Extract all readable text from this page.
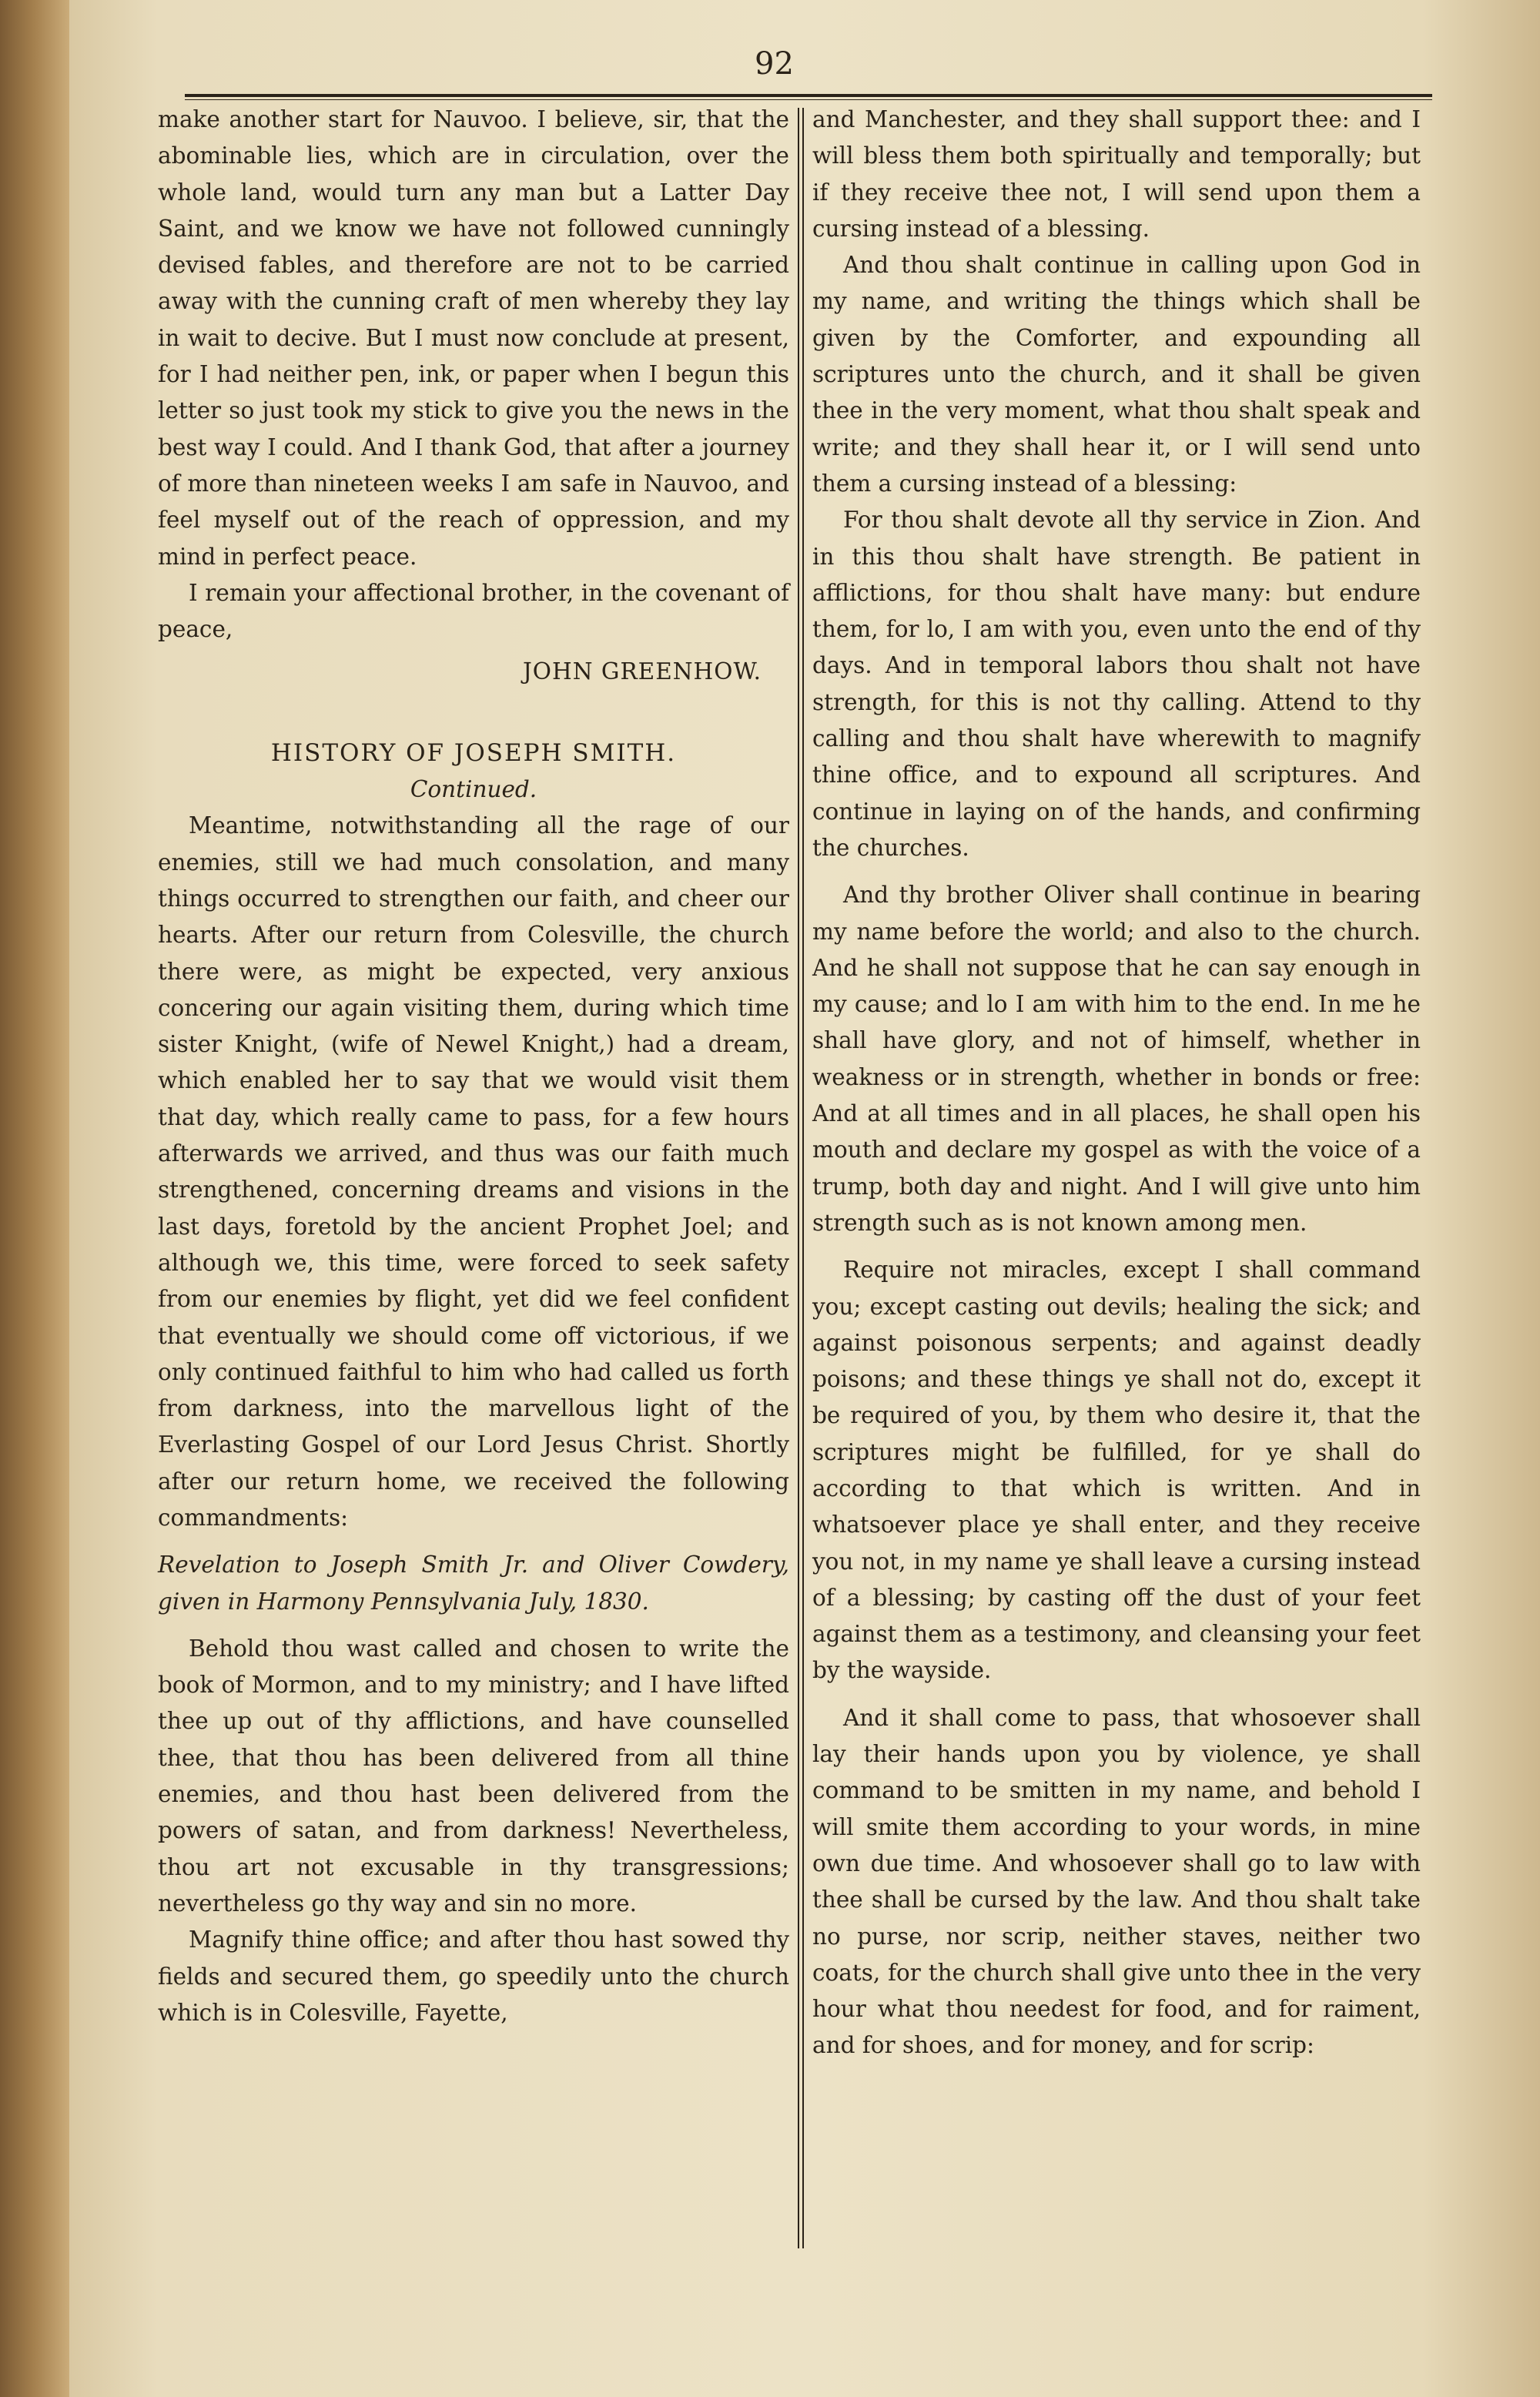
92

make another start for Nauvoo. I believe, sir, that the abominable lies, which are in circulation, over the whole land, would turn any man but a Latter Day Saint, and we know we have not followed cunningly devised fables, and therefore are not to be carried away with the cunning craft of men whereby they lay in wait to decive. But I must now conclude at present, for I had neither pen, ink, or paper when I begun this letter so just took my stick to give you the news in the best way I could. And I thank God, that after a journey of more than nineteen weeks I am safe in Nauvoo, and feel myself out of the reach of oppression, and my mind in perfect peace.

I remain your affectional brother, in the covenant of peace,

JOHN GREENHOW.

HISTORY OF JOSEPH SMITH.

Continued.

Meantime, notwithstanding all the rage of our enemies, still we had much consolation, and many things occurred to strengthen our faith, and cheer our hearts. After our return from Colesville, the church there were, as might be expected, very anxious concering our again visiting them, during which time sister Knight, (wife of Newel Knight,) had a dream, which enabled her to say that we would visit them that day, which really came to pass, for a few hours afterwards we arrived, and thus was our faith much strengthened, concerning dreams and visions in the last days, foretold by the ancient Prophet Joel; and although we, this time, were forced to seek safety from our enemies by flight, yet did we feel confident that eventually we should come off victorious, if we only continued faithful to him who had called us forth from darkness, into the marvellous light of the Everlasting Gospel of our Lord Jesus Christ. Shortly after our return home, we received the following commandments:

Revelation to Joseph Smith Jr. and Oliver Cowdery, given in Harmony Pennsylvania July, 1830.

Behold thou wast called and chosen to write the book of Mormon, and to my ministry; and I have lifted thee up out of thy afflictions, and have counselled thee, that thou has been delivered from all thine enemies, and thou hast been delivered from the powers of satan, and from darkness! Nevertheless, thou art not excusable in thy transgressions; nevertheless go thy way and sin no more.

Magnify thine office; and after thou hast sowed thy fields and secured them, go speedily unto the church which is in Colesville, Fayette,

and Manchester, and they shall support thee: and I will bless them both spiritually and temporally; but if they receive thee not, I will send upon them a cursing instead of a blessing.

And thou shalt continue in calling upon God in my name, and writing the things which shall be given by the Comforter, and expounding all scriptures unto the church, and it shall be given thee in the very moment, what thou shalt speak and write; and they shall hear it, or I will send unto them a cursing instead of a blessing:

For thou shalt devote all thy service in Zion. And in this thou shalt have strength. Be patient in afflictions, for thou shalt have many: but endure them, for lo, I am with you, even unto the end of thy days. And in temporal labors thou shalt not have strength, for this is not thy calling. Attend to thy calling and thou shalt have wherewith to magnify thine office, and to expound all scriptures. And continue in laying on of the hands, and confirming the churches.

And thy brother Oliver shall continue in bearing my name before the world; and also to the church. And he shall not suppose that he can say enough in my cause; and lo I am with him to the end. In me he shall have glory, and not of himself, whether in weakness or in strength, whether in bonds or free: And at all times and in all places, he shall open his mouth and declare my gospel as with the voice of a trump, both day and night. And I will give unto him strength such as is not known among men.

Require not miracles, except I shall command you; except casting out devils; healing the sick; and against poisonous serpents; and against deadly poisons; and these things ye shall not do, except it be required of you, by them who desire it, that the scriptures might be fulfilled, for ye shall do according to that which is written. And in whatsoever place ye shall enter, and they receive you not, in my name ye shall leave a cursing instead of a blessing; by casting off the dust of your feet against them as a testimony, and cleansing your feet by the wayside.

And it shall come to pass, that whosoever shall lay their hands upon you by violence, ye shall command to be smitten in my name, and behold I will smite them according to your words, in mine own due time. And whosoever shall go to law with thee shall be cursed by the law. And thou shalt take no purse, nor scrip, neither staves, neither two coats, for the church shall give unto thee in the very hour what thou needest for food, and for raiment, and for shoes, and for money, and for scrip:
